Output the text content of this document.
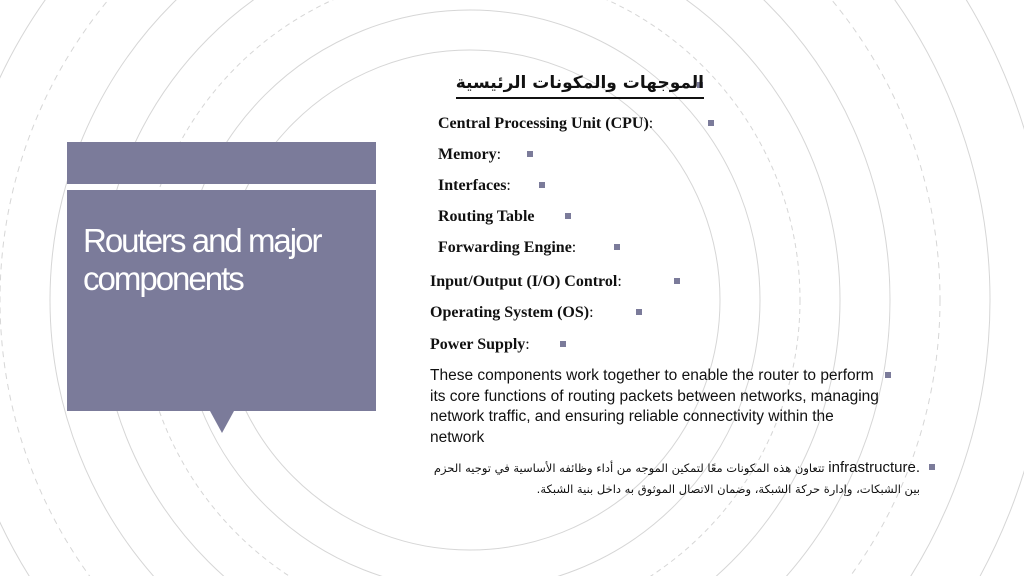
Routers and major components
الموجهات والمكونات الرئيسية
Central Processing Unit (CPU):
Memory:
Interfaces:
Routing Table
Forwarding Engine:
Input/Output (I/O) Control:
Operating System (OS):
Power Supply:
These components work together to enable the router to perform its core functions of routing packets between networks, managing network traffic, and ensuring reliable connectivity within the network
infrastructure. تتعاون هذه المكونات معًا لتمكين الموجه من أداء وظائفه الأساسية في توجيه الحزم بين الشبكات، وإدارة حركة الشبكة، وضمان الاتصال الموثوق به داخل بنية الشبكة.
